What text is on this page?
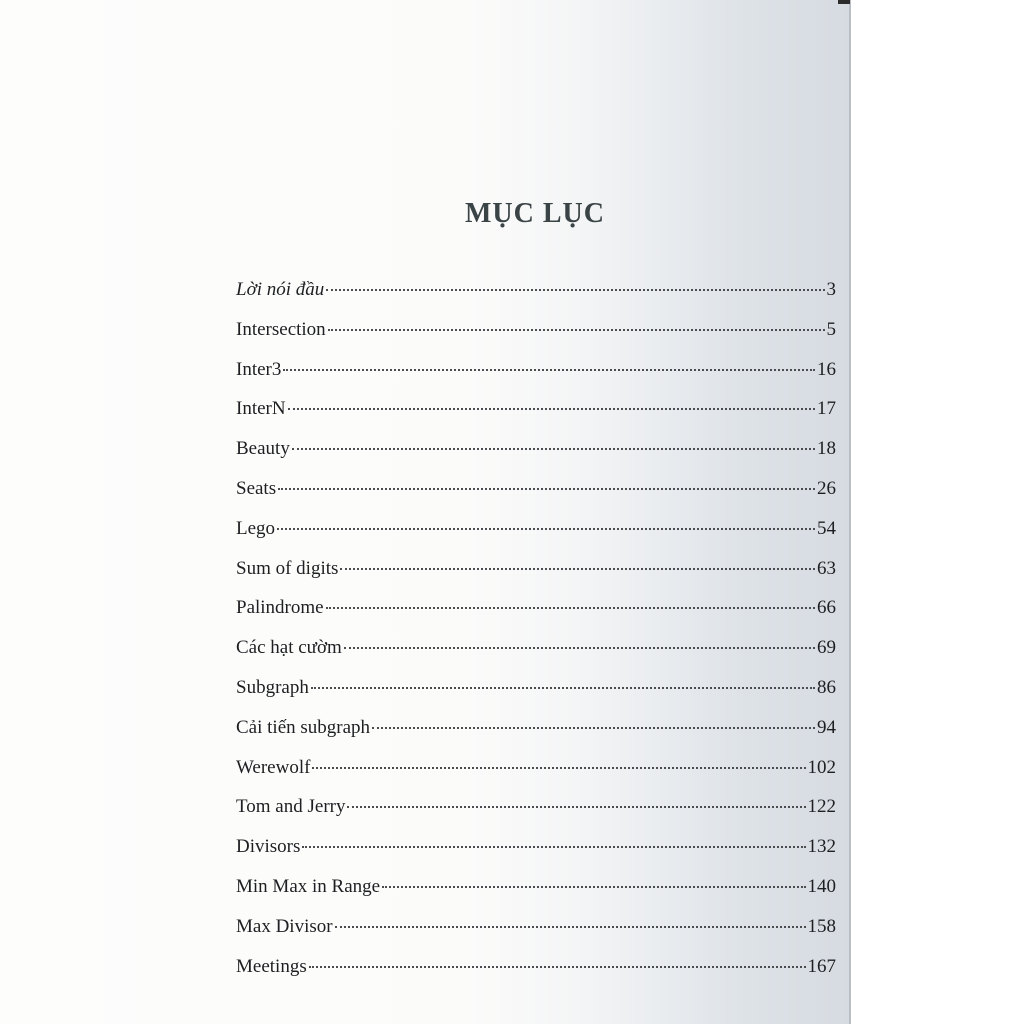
MỤC LỤC
Lời nói đầu	3
Intersection	5
Inter3	16
InterN	17
Beauty	18
Seats	26
Lego	54
Sum of digits	63
Palindrome	66
Các hạt cườm	69
Subgraph	86
Cải tiến subgraph	94
Werewolf	102
Tom and Jerry	122
Divisors	132
Min Max in Range	140
Max Divisor	158
Meetings	167
